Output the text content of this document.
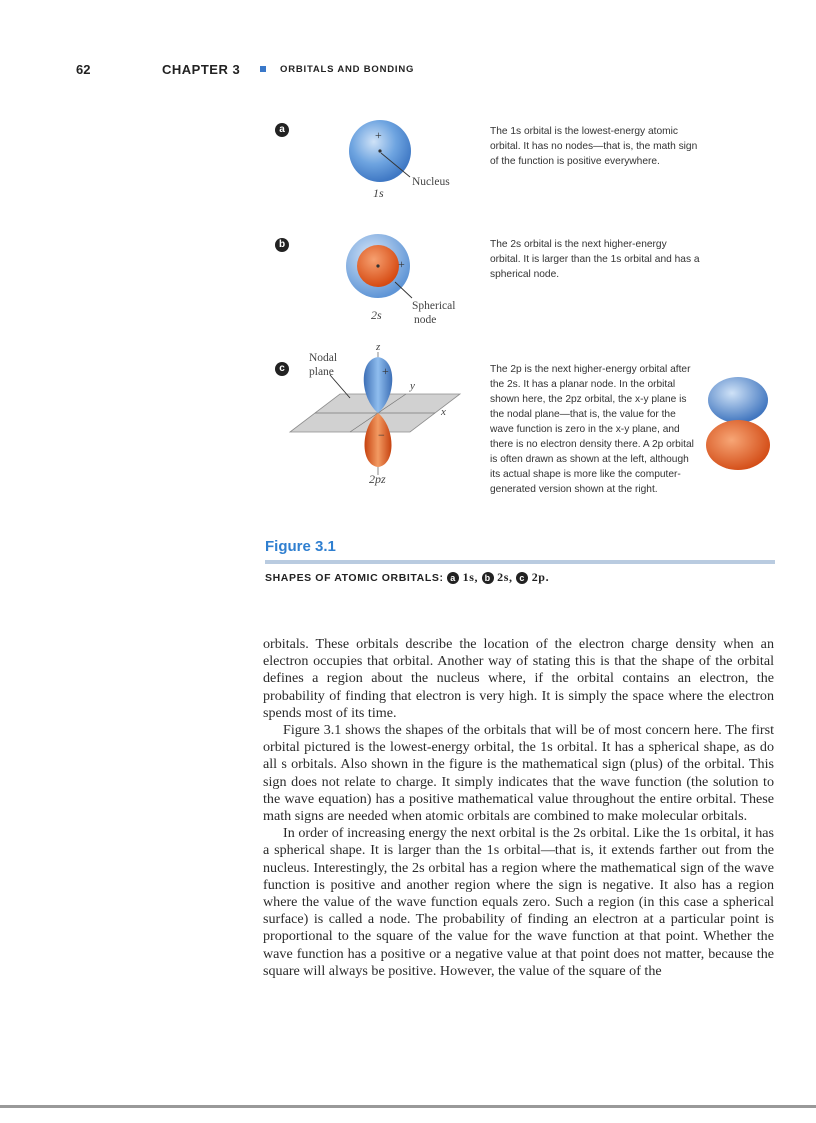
62	CHAPTER 3	ORBITALS AND BONDING
a	+
Nucleus
1s
The 1s orbital is the lowest-energy atomic orbital. It has no nodes—that is, the math sign of the function is positive everywhere.
b
+
Spherical
node
2s
The 2s orbital is the next higher-energy orbital. It is larger than the 1s orbital and has a spherical node.
c
z
y
x
+
−
Nodal
plane
2pz
The 2p is the next higher-energy orbital after the 2s. It has a planar node. In the orbital shown here, the 2pz orbital, the x-y plane is the nodal plane—that is, the value for the wave function is zero in the x-y plane, and there is no electron density there. A 2p orbital is often drawn as shown at the left, although its actual shape is more like the computer-generated version shown at the right.
Figure 3.1
SHAPES OF ATOMIC ORBITALS: a 1s, b 2s, c 2p.

orbitals. These orbitals describe the location of the electron charge density when an electron occupies that orbital. Another way of stating this is that the shape of the orbital defines a region about the nucleus where, if the orbital contains an electron, the probability of finding that electron is very high. It is simply the space where the electron spends most of its time.

Figure 3.1 shows the shapes of the orbitals that will be of most concern here. The first orbital pictured is the lowest-energy orbital, the 1s orbital. It has a spherical shape, as do all s orbitals. Also shown in the figure is the mathematical sign (plus) of the orbital. This sign does not relate to charge. It simply indicates that the wave function (the solution to the wave equation) has a positive mathematical value throughout the entire orbital. These math signs are needed when atomic orbitals are combined to make molecular orbitals.

In order of increasing energy the next orbital is the 2s orbital. Like the 1s orbital, it has a spherical shape. It is larger than the 1s orbital—that is, it extends farther out from the nucleus. Interestingly, the 2s orbital has a region where the mathematical sign of the wave function is positive and another region where the sign is negative. It also has a region where the value of the wave function equals zero. Such a region (in this case a spherical surface) is called a node. The probability of finding an electron at a particular point is proportional to the square of the value for the wave function at that point. Whether the wave function has a positive or a negative value at that point does not matter, because the square will always be positive. However, the value of the square of the
